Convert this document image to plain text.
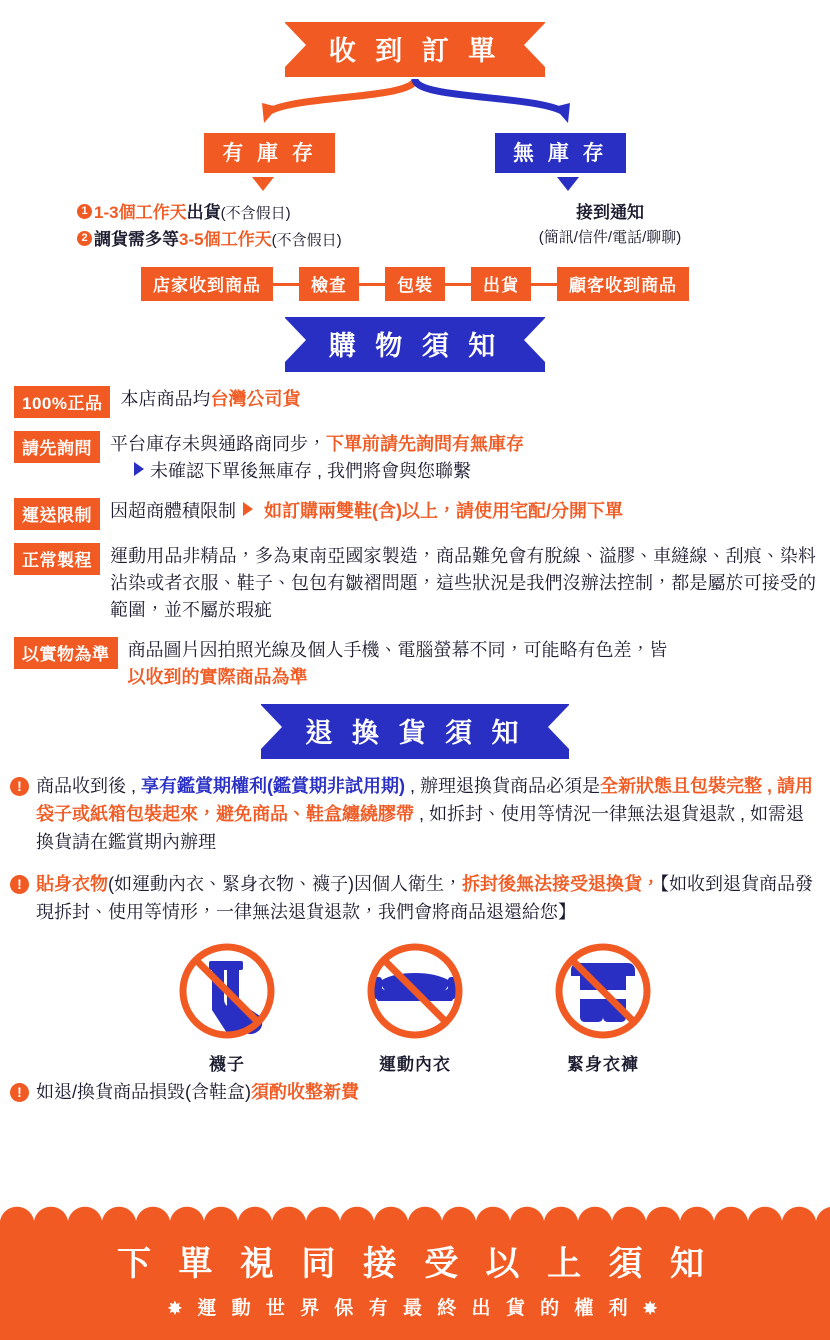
收 到 訂 單
有 庫 存	無 庫 存
1 1-3個工作天出貨(不含假日)
2 調貨需多等3-5個工作天(不含假日)
接到通知
(簡訊/信件/電話/聊聊)
店家收到商品	檢查	包裝	出貨	顧客收到商品
購 物 須 知
100%正品	本店商品均台灣公司貨
請先詢問	平台庫存未與通路商同步，下單前請先詢問有無庫存
未確認下單後無庫存 , 我們將會與您聯繫
運送限制	因超商體積限制 如訂購兩雙鞋(含)以上，請使用宅配/分開下單
正常製程	運動用品非精品，多為東南亞國家製造，商品難免會有脫線、溢膠、車縫線、刮痕、染料沾染或者衣服、鞋子、包包有皺褶問題，這些狀況是我們沒辦法控制，都是屬於可接受的範圍，並不屬於瑕疵
以實物為準	商品圖片因拍照光線及個人手機、電腦螢幕不同，可能略有色差，皆
以收到的實際商品為準
退 換 貨 須 知
! 商品收到後 , 享有鑑賞期權利(鑑賞期非試用期) , 辦理退換貨商品必須是全新狀態且包裝完整 , 請用袋子或紙箱包裝起來，避免商品、鞋盒纏繞膠帶 , 如拆封、使用等情況一律無法退貨退款 , 如需退換貨請在鑑賞期內辦理
! 貼身衣物(如運動內衣、緊身衣物、襪子)因個人衛生，拆封後無法接受退換貨，【如收到退貨商品發現拆封、使用等情形，一律無法退貨退款，我們會將商品退還給您】
襪子	運動內衣	緊身衣褲
! 如退/換貨商品損毀(含鞋盒)須酌收整新費
下 單 視 同 接 受 以 上 須 知
✸ 運 動 世 界 保 有 最 終 出 貨 的 權 利 ✸
